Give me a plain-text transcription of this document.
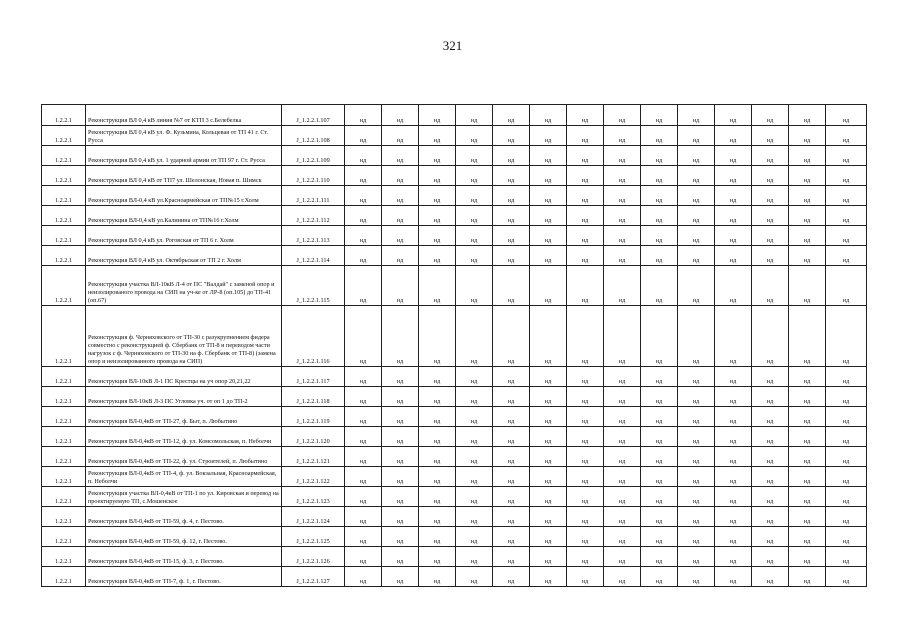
321
1.2.2.1	Реконструкция ВЛ 0,4 кВ линия №7 от КТП 3 с.Белебелка	J_1.2.2.1.107	нд	нд	нд	нд	нд	нд	нд	нд	нд	нд	нд	нд	нд	нд
1.2.2.1	Реконструкция ВЛ 0,4 кВ ул. Ф. Кузьмина, Кольцевая от ТП 41 г. Ст. Русса	J_1.2.2.1.108	нд	нд	нд	нд	нд	нд	нд	нд	нд	нд	нд	нд	нд	нд
1.2.2.1	Реконструкция ВЛ 0,4 кВ ул. 1 ударной армии от ТП 97 г. Ст. Русса	J_1.2.2.1.109	нд	нд	нд	нд	нд	нд	нд	нд	нд	нд	нд	нд	нд	нд
1.2.2.1	Реконструкция ВЛ 0,4 кВ от ТП7 ул. Шелонская, Новая п. Шимск	J_1.2.2.1.110	нд	нд	нд	нд	нд	нд	нд	нд	нд	нд	нд	нд	нд	нд
1.2.2.1	Реконструкция ВЛ-0,4 кВ ул.Красноармейская от ТП№15 г.Холм	J_1.2.2.1.111	нд	нд	нд	нд	нд	нд	нд	нд	нд	нд	нд	нд	нд	нд
1.2.2.1	Реконструкция ВЛ-0,4 кВ ул.Калинина от ТП№16 г.Холм	J_1.2.2.1.112	нд	нд	нд	нд	нд	нд	нд	нд	нд	нд	нд	нд	нд	нд
1.2.2.1	Реконструкция ВЛ 0,4 кВ ул. Роговская от ТП 6 г. Холм	J_1.2.2.1.113	нд	нд	нд	нд	нд	нд	нд	нд	нд	нд	нд	нд	нд	нд
1.2.2.1	Реконструкция ВЛ 0,4 кВ ул. Октябрьская от ТП 2 г. Холм	J_1.2.2.1.114	нд	нд	нд	нд	нд	нд	нд	нд	нд	нд	нд	нд	нд	нд
1.2.2.1	Реконструкция участка ВЛ-10кВ Л-4 от ПС "Валдай" с заменой опор и неизолированого провода на СИП на уч-ке от ЛР-8 (оп.105) до ТП-41 (оп.67)	J_1.2.2.1.115	нд	нд	нд	нд	нд	нд	нд	нд	нд	нд	нд	нд	нд	нд
1.2.2.1	Реконструкция ф. Черняховского от ТП-30 с разукрупнением фидера совместно с реконструкцией ф. Сбербанк от ТП-8 и переводом части нагрузок с ф. Черняховского от ТП-30 на ф. Сбербанк от ТП-8) (замена опор и неизолированного провода на СИП)	J_1.2.2.1.116	нд	нд	нд	нд	нд	нд	нд	нд	нд	нд	нд	нд	нд	нд
1.2.2.1	Реконструкция ВЛ-10кВ Л-1 ПС Крестцы на уч опор 20,21,22	J_1.2.2.1.117	нд	нд	нд	нд	нд	нд	нд	нд	нд	нд	нд	нд	нд	нд
1.2.2.1	Реконструкция ВЛ-10кВ Л-3 ПС Угловка уч. от оп 1 до ТП-2	J_1.2.2.1.118	нд	нд	нд	нд	нд	нд	нд	нд	нд	нд	нд	нд	нд	нд
1.2.2.1	Реконструкция ВЛ-0,4кВ от ТП-27, ф. Быт, п. Любытино	J_1.2.2.1.119	нд	нд	нд	нд	нд	нд	нд	нд	нд	нд	нд	нд	нд	нд
1.2.2.1	Реконструкция ВЛ-0,4кВ от ТП-12, ф. ул. Комсомольская, п. Неболчи	J_1.2.2.1.120	нд	нд	нд	нд	нд	нд	нд	нд	нд	нд	нд	нд	нд	нд
1.2.2.1	Реконструкция ВЛ-0,4кВ от ТП-22, ф. ул. Строителей, п. Любытино	J_1.2.2.1.121	нд	нд	нд	нд	нд	нд	нд	нд	нд	нд	нд	нд	нд	нд
1.2.2.1	Реконструкция ВЛ-0,4кВ от ТП-4, ф. ул. Вокзальная, Красноармейская, п. Неболчи	J_1.2.2.1.122	нд	нд	нд	нд	нд	нд	нд	нд	нд	нд	нд	нд	нд	нд
1.2.2.1	Реконструкция участка ВЛ-0,4кВ от ТП-1 по ул. Кировская и перевод на проектируемую ТП, с.Мошенское	J_1.2.2.1.123	нд	нд	нд	нд	нд	нд	нд	нд	нд	нд	нд	нд	нд	нд
1.2.2.1	Реконструкция ВЛ-0,4кВ от ТП-59, ф. 4, г. Пестово.	J_1.2.2.1.124	нд	нд	нд	нд	нд	нд	нд	нд	нд	нд	нд	нд	нд	нд
1.2.2.1	Реконструкция ВЛ-0,4кВ от ТП-59, ф. 12, г. Пестово.	J_1.2.2.1.125	нд	нд	нд	нд	нд	нд	нд	нд	нд	нд	нд	нд	нд	нд
1.2.2.1	Реконструкция ВЛ-0,4кВ от ТП-15, ф. 3, г. Пестово.	J_1.2.2.1.126	нд	нд	нд	нд	нд	нд	нд	нд	нд	нд	нд	нд	нд	нд
1.2.2.1	Реконструкция ВЛ-0,4кВ от ТП-7, ф. 1, г. Пестово.	J_1.2.2.1.127	нд	нд	нд	нд	нд	нд	нд	нд	нд	нд	нд	нд	нд	нд
